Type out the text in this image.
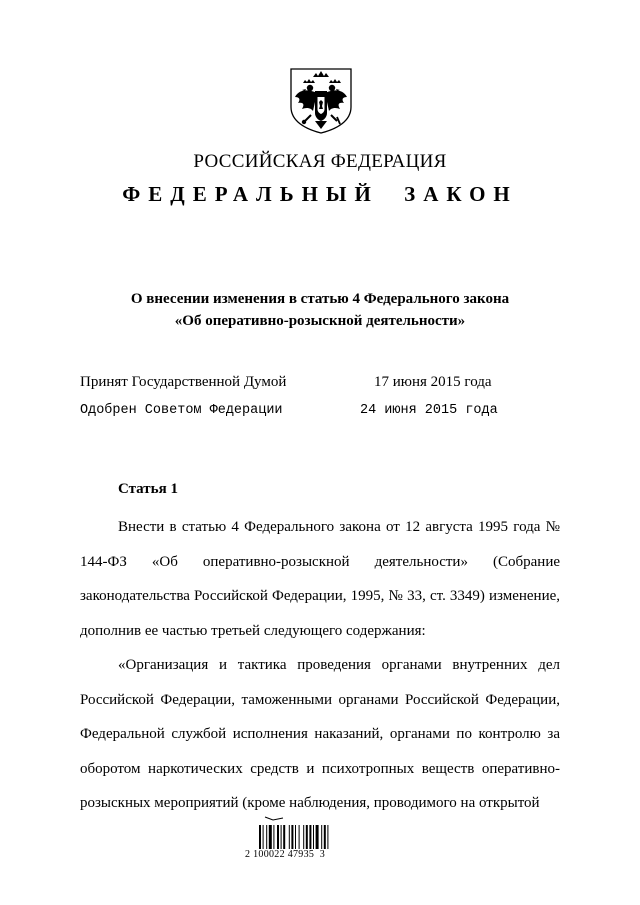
РОССИЙСКАЯ ФЕДЕРАЦИЯ
ФЕДЕРАЛЬНЫЙ ЗАКОН
О внесении изменения в статью 4 Федерального закона
«Об оперативно-розыскной деятельности»
Принят Государственной Думой	17 июня 2015 года
Одобрен Советом Федерации	24 июня 2015 года
Статья 1

Внести в статью 4 Федерального закона от 12 августа 1995 года № 144-ФЗ «Об оперативно-розыскной деятельности» (Собрание законодательства Российской Федерации, 1995, № 33, ст. 3349) изменение, дополнив ее частью третьей следующего содержания:

«Организация и тактика проведения органами внутренних дел Российской Федерации, таможенными органами Российской Федерации, Федеральной службой исполнения наказаний, органами по контролю за оборотом наркотических средств и психотропных веществ оперативно-розыскных мероприятий (кроме наблюдения, проводимого на открытой

2 100022 47935  3
